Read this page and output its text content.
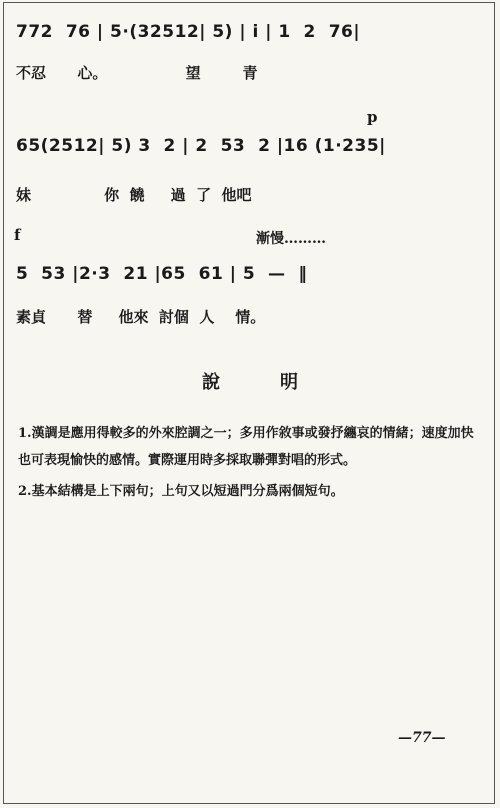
772  76 | 5·(32512| 5) | i | 1  2  76|
不忍      心。               望        青
p
65(2512| 5) 3  2 | 2  53  2 |16 (1·235|
妹              你  饒     過  了  他吧
f	漸慢………
5  53 |2·3  21 |65  61 | 5  —  ‖
素貞      替     他來  討個  人    情。
說明
1.漢調是應用得較多的外來腔調之一；多用作敘事或發抒纏哀的情緒；速度加快也可表現愉快的感情。實際運用時多採取聯彈對唱的形式。
2.基本結構是上下兩句；上句又以短過門分爲兩個短句。
—77—
